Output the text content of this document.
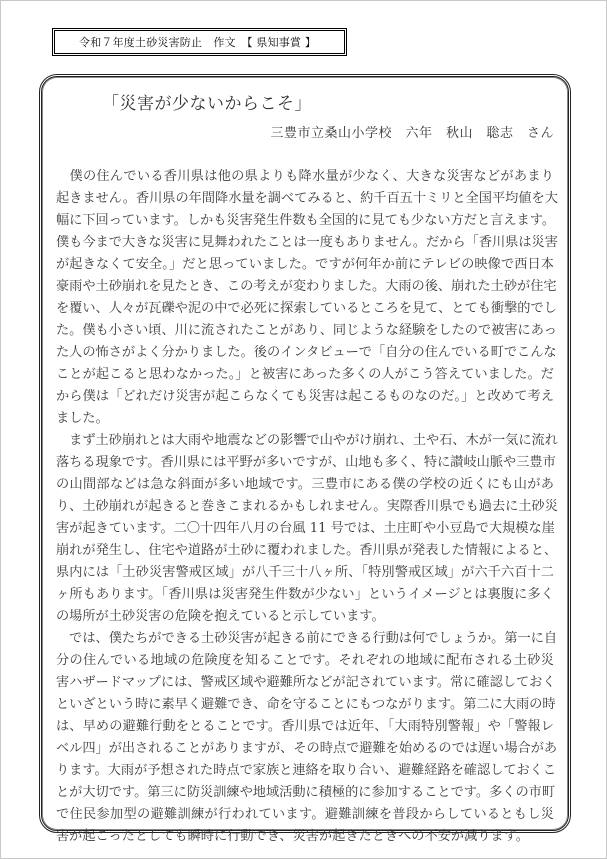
令和７年度土砂災害防止　作文　【 県知事賞 】
「災害が少ないからこそ」
三豊市立桑山小学校　六年　秋山　聡志　さん
　僕の住んでいる香川県は他の県よりも降水量が少なく、大きな災害などがあまり
起きません。香川県の年間降水量を調べてみると、約千百五十ミリと全国平均値を大
幅に下回っています。しかも災害発生件数も全国的に見ても少ない方だと言えます。
僕も今まで大きな災害に見舞われたことは一度もありません。だから「香川県は災害
が起きなくて安全。」だと思っていました。ですが何年か前にテレビの映像で西日本
豪雨や土砂崩れを見たとき、この考えが変わりました。大雨の後、崩れた土砂が住宅
を覆い、人々が瓦礫や泥の中で必死に探索しているところを見て、とても衝撃的でし
た。僕も小さい頃、川に流されたことがあり、同じような経験をしたので被害にあっ
た人の怖さがよく分かりました。後のインタビューで「自分の住んでいる町でこんな
ことが起こると思わなかった。」と被害にあった多くの人がこう答えていました。だ
から僕は「どれだけ災害が起こらなくても災害は起こるものなのだ。」と改めて考え
ました。
　まず土砂崩れとは大雨や地震などの影響で山やがけ崩れ、土や石、木が一気に流れ
落ちる現象です。香川県には平野が多いですが、山地も多く、特に讃岐山脈や三豊市
の山間部などは急な斜面が多い地域です。三豊市にある僕の学校の近くにも山があ
り、土砂崩れが起きると巻きこまれるかもしれません。実際香川県でも過去に土砂災
害が起きています。二〇十四年八月の台風 11 号では、土庄町や小豆島で大規模な崖
崩れが発生し、住宅や道路が土砂に覆われました。香川県が発表した情報によると、
県内には「土砂災害警戒区域」が八千三十八ヶ所、「特別警戒区域」が六千六百十二
ヶ所もあります。「香川県は災害発生件数が少ない」というイメージとは裏腹に多く
の場所が土砂災害の危険を抱えていると示しています。
　では、僕たちができる土砂災害が起きる前にできる行動は何でしょうか。第一に自
分の住んでいる地域の危険度を知ることです。それぞれの地域に配布される土砂災
害ハザードマップには、警戒区域や避難所などが記されています。常に確認しておく
といざという時に素早く避難でき、命を守ることにもつながります。第二に大雨の時
は、早めの避難行動をとることです。香川県では近年、「大雨特別警報」や「警報レ
ベル四」が出されることがありますが、その時点で避難を始めるのでは遅い場合があ
ります。大雨が予想された時点で家族と連絡を取り合い、避難経路を確認しておくこ
とが大切です。第三に防災訓練や地域活動に積極的に参加することです。多くの市町
で住民参加型の避難訓練が行われています。避難訓練を普段からしているともし災
害が起こったとしても瞬時に行動でき、災害が起きたときへの不安が減ります。
